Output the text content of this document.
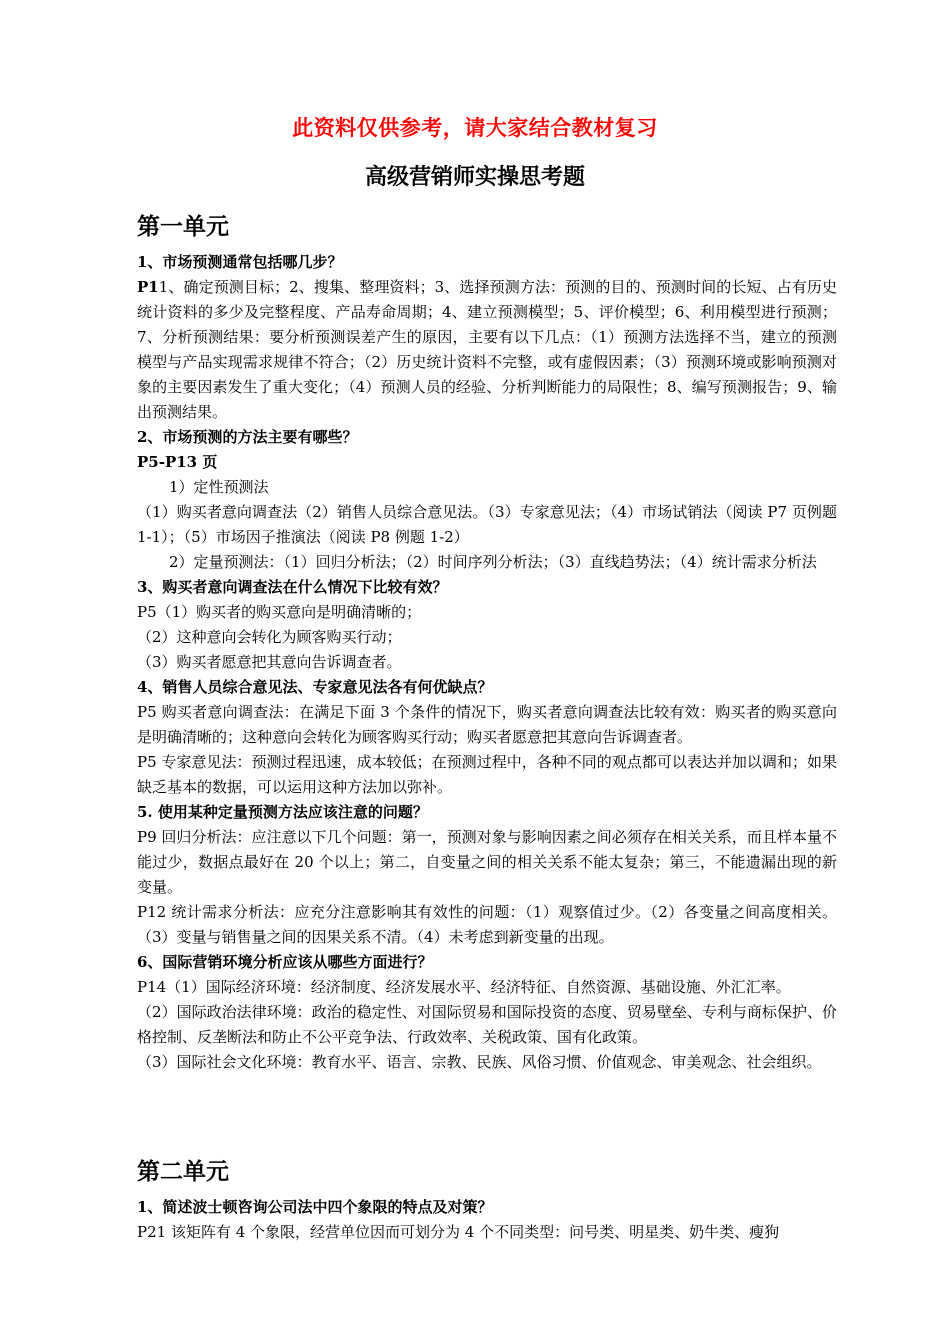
此资料仅供参考，请大家结合教材复习
高级营销师实操思考题
第一单元

1、市场预测通常包括哪几步？

P11、确定预测目标；2、搜集、整理资料；3、选择预测方法：预测的目的、预测时间的长短、占有历史统计资料的多少及完整程度、产品寿命周期；4、建立预测模型；5、评价模型；6、利用模型进行预测；7、分析预测结果：要分析预测误差产生的原因，主要有以下几点：（1）预测方法选择不当，建立的预测模型与产品实现需求规律不符合；（2）历史统计资料不完整，或有虚假因素；（3）预测环境或影响预测对象的主要因素发生了重大变化；（4）预测人员的经验、分析判断能力的局限性；8、编写预测报告；9、输出预测结果。

2、市场预测的方法主要有哪些？

P5-P13 页

1）定性预测法

（1）购买者意向调查法（2）销售人员综合意见法。（3）专家意见法；（4）市场试销法（阅读 P7 页例题 1-1）；（5）市场因子推演法（阅读 P8 例题 1-2）

2）定量预测法：（1）回归分析法；（2）时间序列分析法；（3）直线趋势法；（4）统计需求分析法

3、购买者意向调查法在什么情况下比较有效？

P5（1）购买者的购买意向是明确清晰的；

（2）这种意向会转化为顾客购买行动；

（3）购买者愿意把其意向告诉调查者。

4、销售人员综合意见法、专家意见法各有何优缺点？

P5 购买者意向调查法：在满足下面 3 个条件的情况下，购买者意向调查法比较有效：购买者的购买意向是明确清晰的；这种意向会转化为顾客购买行动；购买者愿意把其意向告诉调查者。

P5 专家意见法：预测过程迅速，成本较低；在预测过程中，各种不同的观点都可以表达并加以调和；如果缺乏基本的数据，可以运用这种方法加以弥补。

5. 使用某种定量预测方法应该注意的问题？

P9 回归分析法：应注意以下几个问题：第一，预测对象与影响因素之间必须存在相关关系，而且样本量不能过少，数据点最好在 20 个以上；第二，自变量之间的相关关系不能太复杂；第三，不能遗漏出现的新变量。

P12 统计需求分析法：应充分注意影响其有效性的问题：（1）观察值过少。（2）各变量之间高度相关。（3）变量与销售量之间的因果关系不清。（4）未考虑到新变量的出现。

6、国际营销环境分析应该从哪些方面进行？

P14（1）国际经济环境：经济制度、经济发展水平、经济特征、自然资源、基础设施、外汇汇率。

（2）国际政治法律环境：政治的稳定性、对国际贸易和国际投资的态度、贸易壁垒、专利与商标保护、价格控制、反垄断法和防止不公平竞争法、行政效率、关税政策、国有化政策。

（3）国际社会文化环境：教育水平、语言、宗教、民族、风俗习惯、价值观念、审美观念、社会组织。

第二单元

1、简述波士顿咨询公司法中四个象限的特点及对策？

P21 该矩阵有 4 个象限，经营单位因而可划分为 4 个不同类型：问号类、明星类、奶牛类、瘦狗
